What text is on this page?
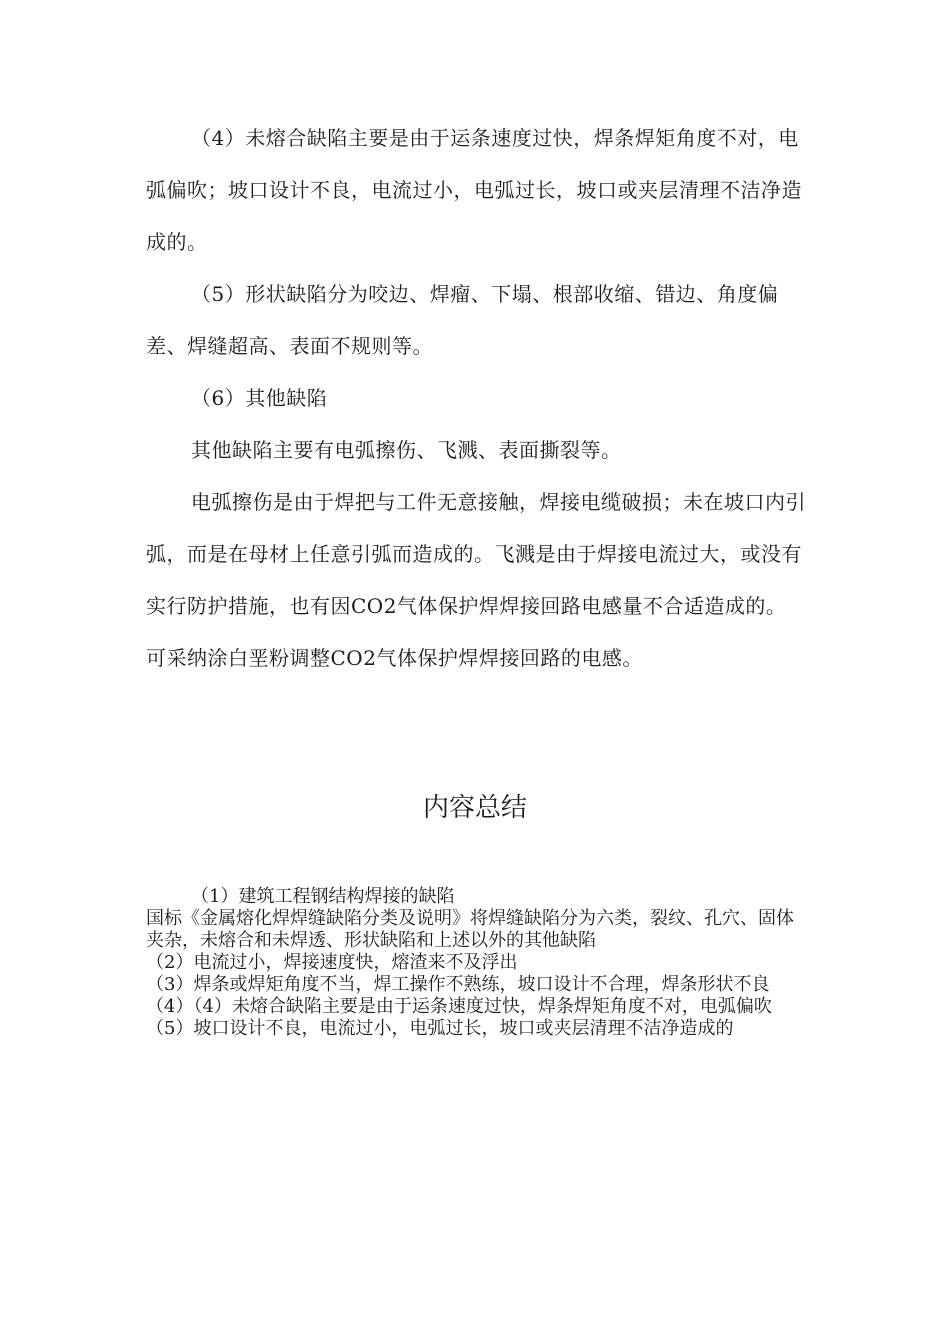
（4）未熔合缺陷主要是由于运条速度过快，焊条焊矩角度不对，电弧偏吹；坡口设计不良，电流过小，电弧过长，坡口或夹层清理不洁净造成的。

（5）形状缺陷分为咬边、焊瘤、下塌、根部收缩、错边、角度偏差、焊缝超高、表面不规则等。

（6）其他缺陷

其他缺陷主要有电弧擦伤、飞溅、表面撕裂等。

电弧擦伤是由于焊把与工件无意接触，焊接电缆破损；未在坡口内引弧，而是在母材上任意引弧而造成的。飞溅是由于焊接电流过大，或没有实行防护措施，也有因CO2气体保护焊焊接回路电感量不合适造成的。可采纳涂白垩粉调整CO2气体保护焊焊接回路的电感。

内容总结

（1）建筑工程钢结构焊接的缺陷

国标《金属熔化焊焊缝缺陷分类及说明》将焊缝缺陷分为六类，裂纹、孔穴、固体夹杂，未熔合和未焊透、形状缺陷和上述以外的其他缺陷

（2）电流过小，焊接速度快，熔渣来不及浮出

（3）焊条或焊矩角度不当，焊工操作不熟练，坡口设计不合理，焊条形状不良

（4）（4）未熔合缺陷主要是由于运条速度过快，焊条焊矩角度不对，电弧偏吹

（5）坡口设计不良，电流过小，电弧过长，坡口或夹层清理不洁净造成的
